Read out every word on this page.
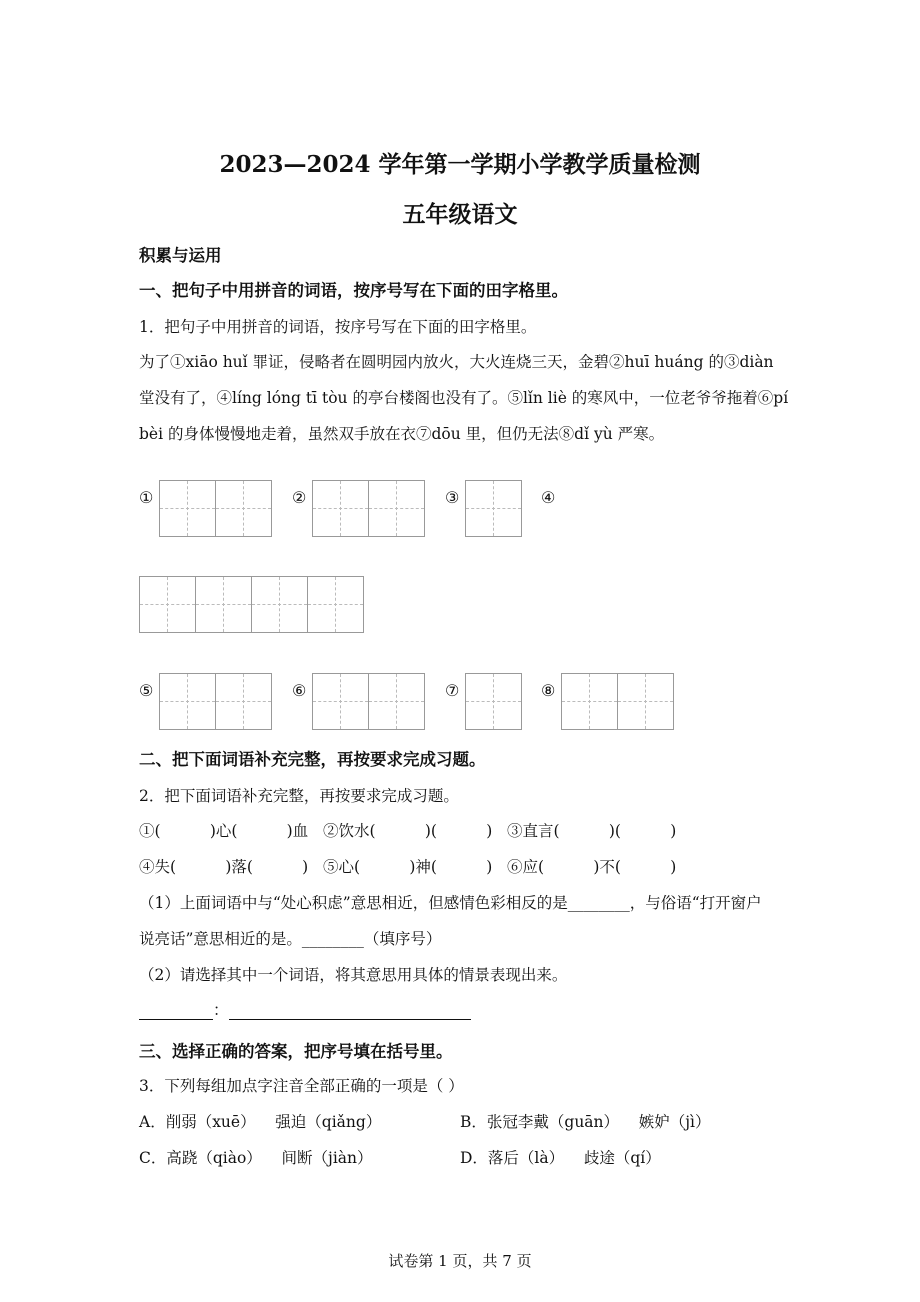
2023—2024 学年第一学期小学教学质量检测
五年级语文
积累与运用
一、把句子中用拼音的词语，按序号写在下面的田字格里。
1．把句子中用拼音的词语，按序号写在下面的田字格里。
为了①xiāo huǐ 罪证，侵略者在圆明园内放火，大火连烧三天，金碧②huī huáng 的③diàn
堂没有了，④líng lóng tī tòu 的亭台楼阁也没有了。⑤lǐn liè 的寒风中，一位老爷爷拖着⑥pí
bèi 的身体慢慢地走着，虽然双手放在衣⑦dōu 里，但仍无法⑧dǐ yù 严寒。
①	②	③	④
⑤	⑥	⑦	⑧
二、把下面词语补充完整，再按要求完成习题。
2．把下面词语补充完整，再按要求完成习题。
①(          )心(          )血   ②饮水(          )(          )   ③直言(          )(          )
④失(          )落(          )   ⑤心(          )神(          )   ⑥应(          )不(          )
（1）上面词语中与“处心积虑”意思相近，但感情色彩相反的是________，与俗语“打开窗户
说亮话”意思相近的是。________（填序号）
（2）请选择其中一个词语，将其意思用具体的情景表现出来。
：
三、选择正确的答案，把序号填在括号里。
3．下列每组加点字注音全部正确的一项是（ ）
A．削弱（xuē）    强迫（qiǎng）	B．张冠李戴（guān）    嫉妒（jì）
C．高跷（qiào）    间断（jiàn）	D．落后（là）    歧途（qí）
试卷第 1 页，共 7 页
